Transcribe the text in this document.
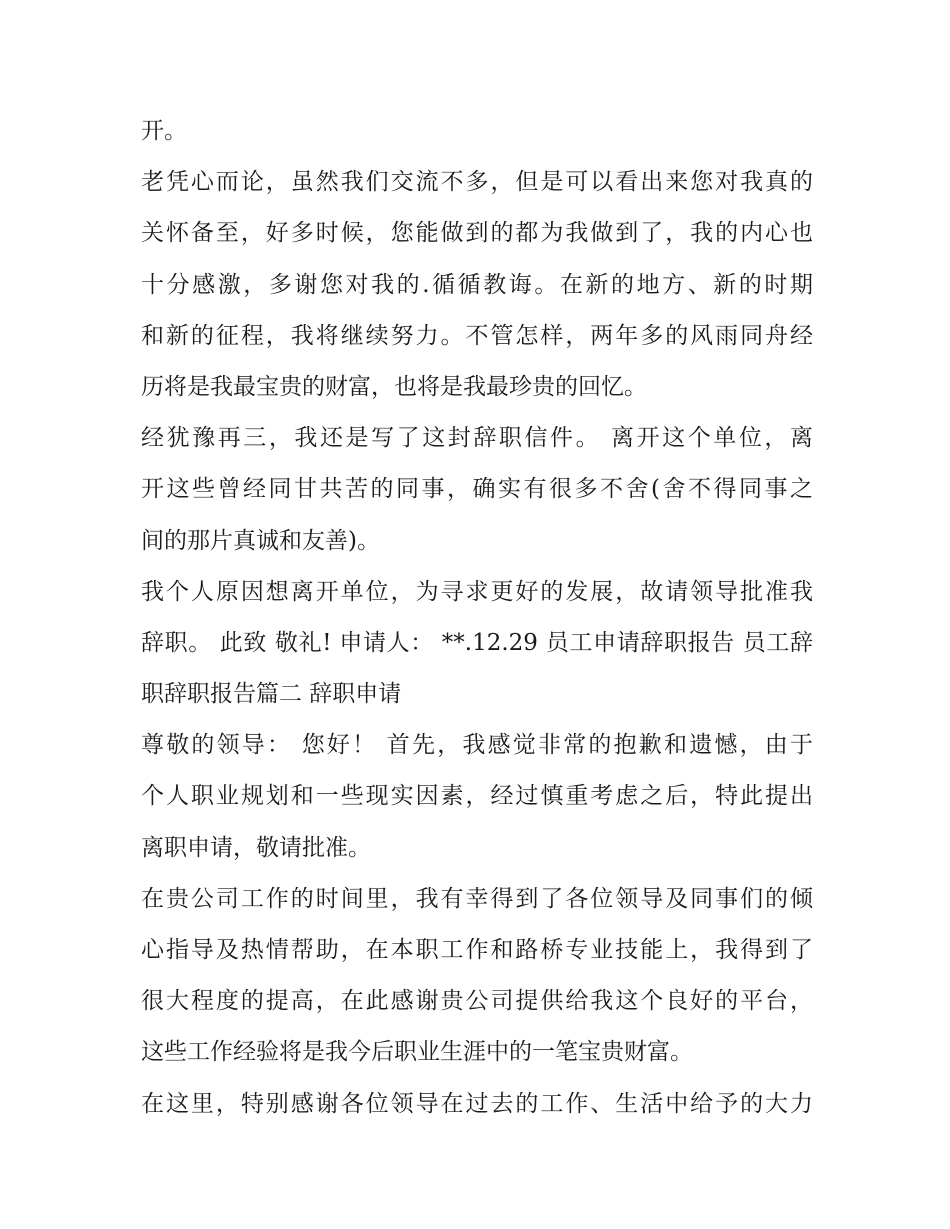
开。
老凭心而论，虽然我们交流不多，但是可以看出来您对我真的
关怀备至，好多时候，您能做到的都为我做到了，我的内心也
十分感激，多谢您对我的.循循教诲。在新的地方、新的时期
和新的征程，我将继续努力。不管怎样，两年多的风雨同舟经
历将是我最宝贵的财富，也将是我最珍贵的回忆。
经犹豫再三，我还是写了这封辞职信件。 离开这个单位，离
开这些曾经同甘共苦的同事，确实有很多不舍(舍不得同事之
间的那片真诚和友善)。
我个人原因想离开单位，为寻求更好的发展，故请领导批准我
辞职。 此致 敬礼! 申请人： **.12.29 员工申请辞职报告 员工辞
职辞职报告篇二 辞职申请
尊敬的领导： 您好！ 首先，我感觉非常的抱歉和遗憾，由于
个人职业规划和一些现实因素，经过慎重考虑之后，特此提出
离职申请，敬请批准。
在贵公司工作的时间里，我有幸得到了各位领导及同事们的倾
心指导及热情帮助，在本职工作和路桥专业技能上，我得到了
很大程度的提高，在此感谢贵公司提供给我这个良好的平台，
这些工作经验将是我今后职业生涯中的一笔宝贵财富。
在这里，特别感谢各位领导在过去的工作、生活中给予的大力
